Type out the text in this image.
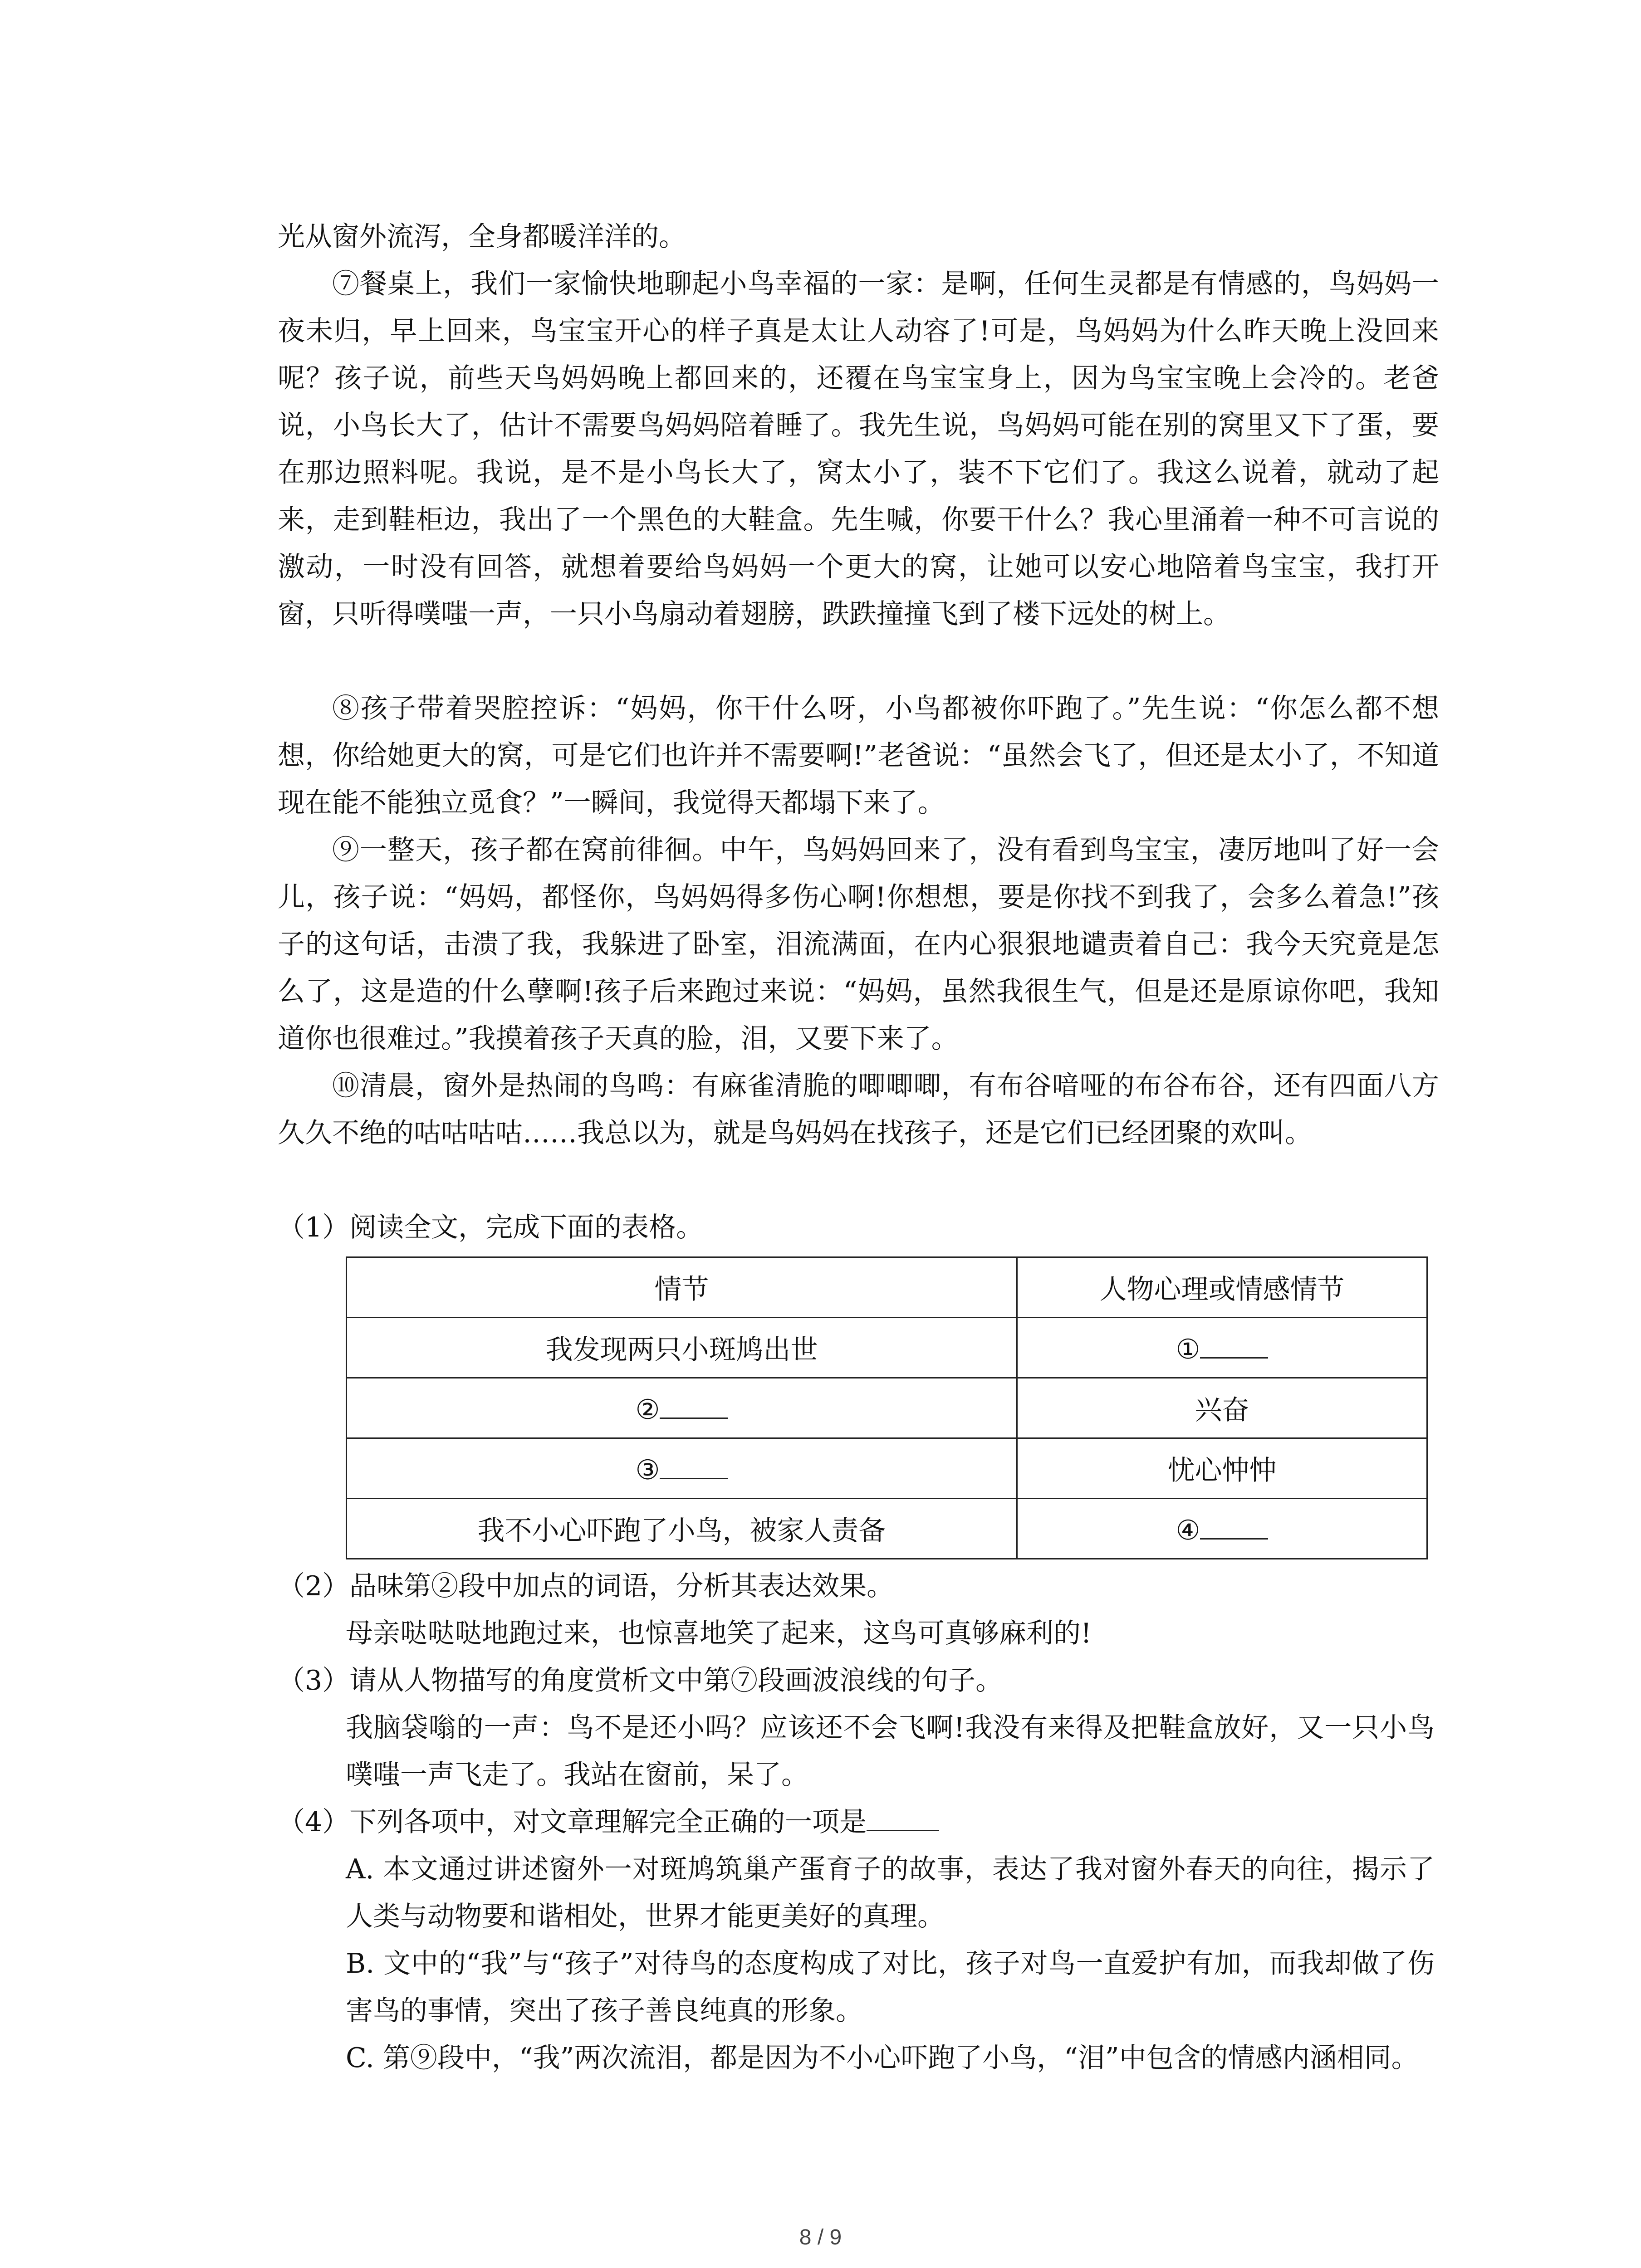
光从窗外流泻，全身都暖洋洋的。

⑦餐桌上，我们一家愉快地聊起小鸟幸福的一家：是啊，任何生灵都是有情感的，鸟妈妈一夜未归，早上回来，鸟宝宝开心的样子真是太让人动容了!可是，鸟妈妈为什么昨天晚上没回来呢？孩子说，前些天鸟妈妈晚上都回来的，还覆在鸟宝宝身上，因为鸟宝宝晚上会冷的。老爸说，小鸟长大了，估计不需要鸟妈妈陪着睡了。我先生说，鸟妈妈可能在别的窝里又下了蛋，要在那边照料呢。我说，是不是小鸟长大了，窝太小了，装不下它们了。我这么说着，就动了起来，走到鞋柜边，我出了一个黑色的大鞋盒。先生喊，你要干什么？我心里涌着一种不可言说的激动，一时没有回答，就想着要给鸟妈妈一个更大的窝，让她可以安心地陪着鸟宝宝，我打开窗，只听得噗嗤一声，一只小鸟扇动着翅膀，跌跌撞撞飞到了楼下远处的树上。

⑧孩子带着哭腔控诉：“妈妈，你干什么呀，小鸟都被你吓跑了。”先生说：“你怎么都不想想，你给她更大的窝，可是它们也许并不需要啊!”老爸说：“虽然会飞了，但还是太小了，不知道现在能不能独立觅食？”一瞬间，我觉得天都塌下来了。

⑨一整天，孩子都在窝前徘徊。中午，鸟妈妈回来了，没有看到鸟宝宝，凄厉地叫了好一会儿，孩子说：“妈妈，都怪你，鸟妈妈得多伤心啊!你想想，要是你找不到我了，会多么着急!”孩子的这句话，击溃了我，我躲进了卧室，泪流满面，在内心狠狠地谴责着自己：我今天究竟是怎么了，这是造的什么孽啊!孩子后来跑过来说：“妈妈，虽然我很生气，但是还是原谅你吧，我知道你也很难过。”我摸着孩子天真的脸，泪，又要下来了。

⑩清晨，窗外是热闹的鸟鸣：有麻雀清脆的唧唧唧，有布谷喑哑的布谷布谷，还有四面八方久久不绝的咕咕咕咕……我总以为，就是鸟妈妈在找孩子，还是它们已经团聚的欢叫。

（1）阅读全文，完成下面的表格。

情节	人物心理或情感情节
我发现两只小斑鸠出世	①
②	兴奋
③	忧心忡忡
我不小心吓跑了小鸟，被家人责备	④

（2）品味第②段中加点的词语，分析其表达效果。

母亲哒哒哒地跑过来，也惊喜地笑了起来，这鸟可真够麻利的!

（3）请从人物描写的角度赏析文中第⑦段画波浪线的句子。

我脑袋嗡的一声：鸟不是还小吗？应该还不会飞啊!我没有来得及把鞋盒放好，又一只小鸟噗嗤一声飞走了。我站在窗前，呆了。

（4）下列各项中，对文章理解完全正确的一项是

A. 本文通过讲述窗外一对斑鸠筑巢产蛋育子的故事，表达了我对窗外春天的向往，揭示了人类与动物要和谐相处，世界才能更美好的真理。

B. 文中的“我”与“孩子”对待鸟的态度构成了对比，孩子对鸟一直爱护有加，而我却做了伤害鸟的事情，突出了孩子善良纯真的形象。

C. 第⑨段中，“我”两次流泪，都是因为不小心吓跑了小鸟，“泪”中包含的情感内涵相同。

8 / 9
